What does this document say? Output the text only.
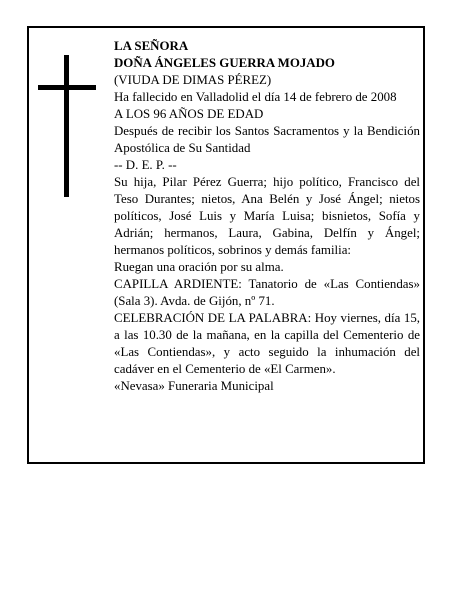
LA SEÑORA

DOÑA ÁNGELES GUERRA MOJADO

(VIUDA DE DIMAS PÉREZ)

Ha fallecido en Valladolid el día 14 de febrero de 2008

A LOS 96 AÑOS DE EDAD

Después de recibir los Santos Sacramentos y la Bendición Apostólica de Su Santidad

-- D. E. P. --

Su hija, Pilar Pérez Guerra; hijo político, Francisco del Teso Durantes; nietos, Ana Belén y José Ángel; nietos políticos, José Luis y María Luisa; bisnietos, Sofía y Adrián; hermanos, Laura, Gabina, Delfín y Ángel; hermanos políticos, sobrinos y demás familia:

Ruegan una oración por su alma.

CAPILLA ARDIENTE: Tanatorio de «Las Contiendas» (Sala 3). Avda. de Gijón, nº 71.

CELEBRACIÓN DE LA PALABRA: Hoy viernes, día 15, a las 10.30 de la mañana, en la capilla del Cementerio de «Las Contiendas», y acto seguido la inhumación del cadáver en el Cementerio de «El Carmen».

«Nevasa» Funeraria Municipal
